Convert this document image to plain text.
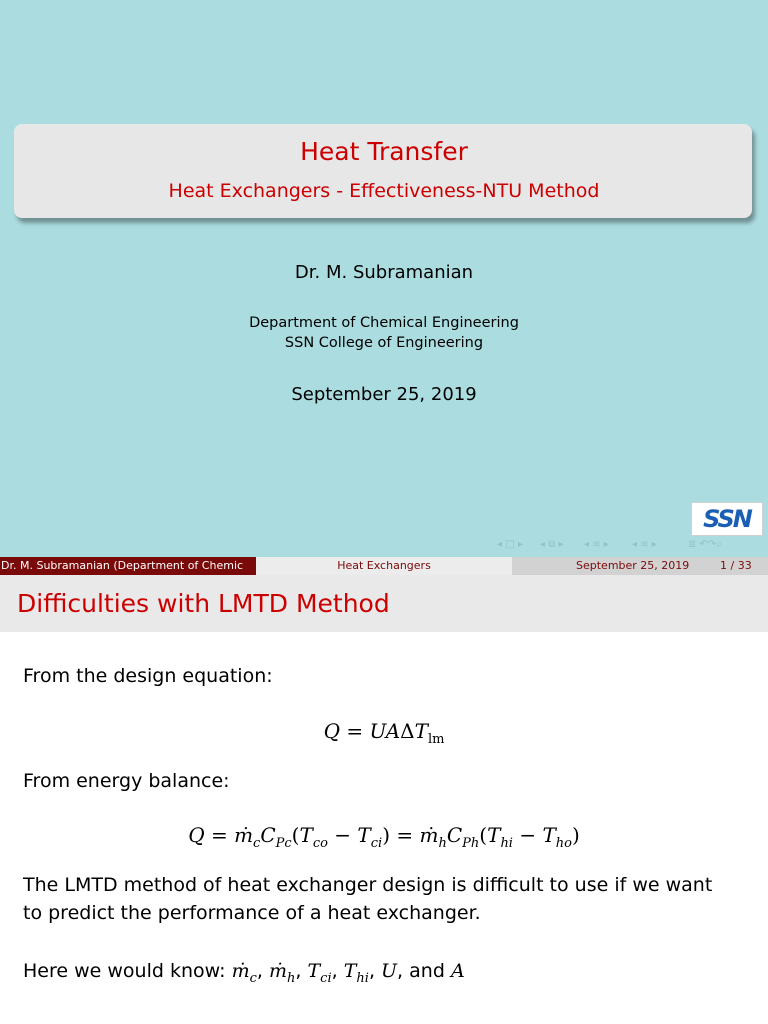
Heat Transfer
Heat Exchangers - Effectiveness-NTU Method
Dr. M. Subramanian
Department of Chemical Engineering
SSN College of Engineering
September 25, 2019
SSN
◂ □ ▸ ◂ ⧉ ▸ ◂ ≡ ▸ ◂ ≡ ▸	≣ ↶↷⌕
Dr. M. Subramanian (Department of Chemic	Heat Exchangers	September 25, 2019	1 / 33
Difficulties with LMTD Method
From the design equation:
$Q = UA\Delta T_{lm}$
From energy balance:
$Q = ṁ_cC_{Pc}(T_{co} - T_{ci})$ = $ṁ_hC_{Ph}(T_{hi} - T_{ho})$
The LMTD method of heat exchanger design is difficult to use if we want
to predict the performance of a heat exchanger.
Here we would know: ṁ$_c$, ṁ$_h$, $T_{ci}$, $T_{hi}$, U, and A
